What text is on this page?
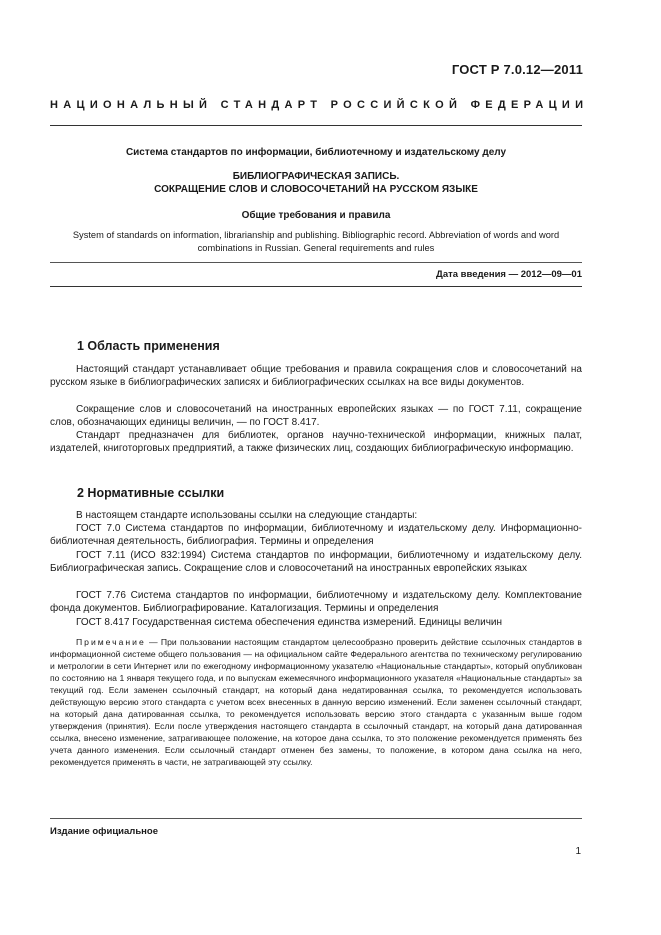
ГОСТ Р 7.0.12—2011
НАЦИОНАЛЬНЫЙ СТАНДАРТ РОССИЙСКОЙ ФЕДЕРАЦИИ
Система стандартов по информации, библиотечному и издательскому делу
БИБЛИОГРАФИЧЕСКАЯ ЗАПИСЬ.
СОКРАЩЕНИЕ СЛОВ И СЛОВОСОЧЕТАНИЙ НА РУССКОМ ЯЗЫКЕ
Общие требования и правила
System of standards on information, librarianship and publishing. Bibliographic record. Abbreviation of words and word
combinations in Russian. General requirements and rules
Дата введения — 2012—09—01
1 Область применения
Настоящий стандарт устанавливает общие требования и правила сокращения слов и словосочетаний на русском языке в библиографических записях и библиографических ссылках на все виды документов.
Сокращение слов и словосочетаний на иностранных европейских языках — по ГОСТ 7.11, сокращение слов, обозначающих единицы величин, — по ГОСТ 8.417.
Стандарт предназначен для библиотек, органов научно-технической информации, книжных палат, издателей, книготорговых предприятий, а также физических лиц, создающих библиографическую информацию.
2 Нормативные ссылки
В настоящем стандарте использованы ссылки на следующие стандарты:
ГОСТ 7.0 Система стандартов по информации, библиотечному и издательскому делу. Информационно-библиотечная деятельность, библиография. Термины и определения
ГОСТ 7.11 (ИСО 832:1994) Система стандартов по информации, библиотечному и издательскому делу. Библиографическая запись. Сокращение слов и словосочетаний на иностранных европейских языках
ГОСТ 7.76 Система стандартов по информации, библиотечному и издательскому делу. Комплектование фонда документов. Библиографирование. Каталогизация. Термины и определения
ГОСТ 8.417 Государственная система обеспечения единства измерений. Единицы величин
Примечание — При пользовании настоящим стандартом целесообразно проверить действие ссылочных стандартов в информационной системе общего пользования — на официальном сайте Федерального агентства по техническому регулированию и метрологии в сети Интернет или по ежегодному информационному указателю «Национальные стандарты», который опубликован по состоянию на 1 января текущего года, и по выпускам ежемесячного информационного указателя «Национальные стандарты» за текущий год. Если заменен ссылочный стандарт, на который дана недатированная ссылка, то рекомендуется использовать действующую версию этого стандарта с учетом всех внесенных в данную версию изменений. Если заменен ссылочный стандарт, на который дана датированная ссылка, то рекомендуется использовать версию этого стандарта с указанным выше годом утверждения (принятия). Если после утверждения настоящего стандарта в ссылочный стандарт, на который дана датированная ссылка, внесено изменение, затрагивающее положение, на которое дана ссылка, то это положение рекомендуется применять без учета данного изменения. Если ссылочный стандарт отменен без замены, то положение, в котором дана ссылка на него, рекомендуется применять в части, не затрагивающей эту ссылку.
Издание официальное
1
